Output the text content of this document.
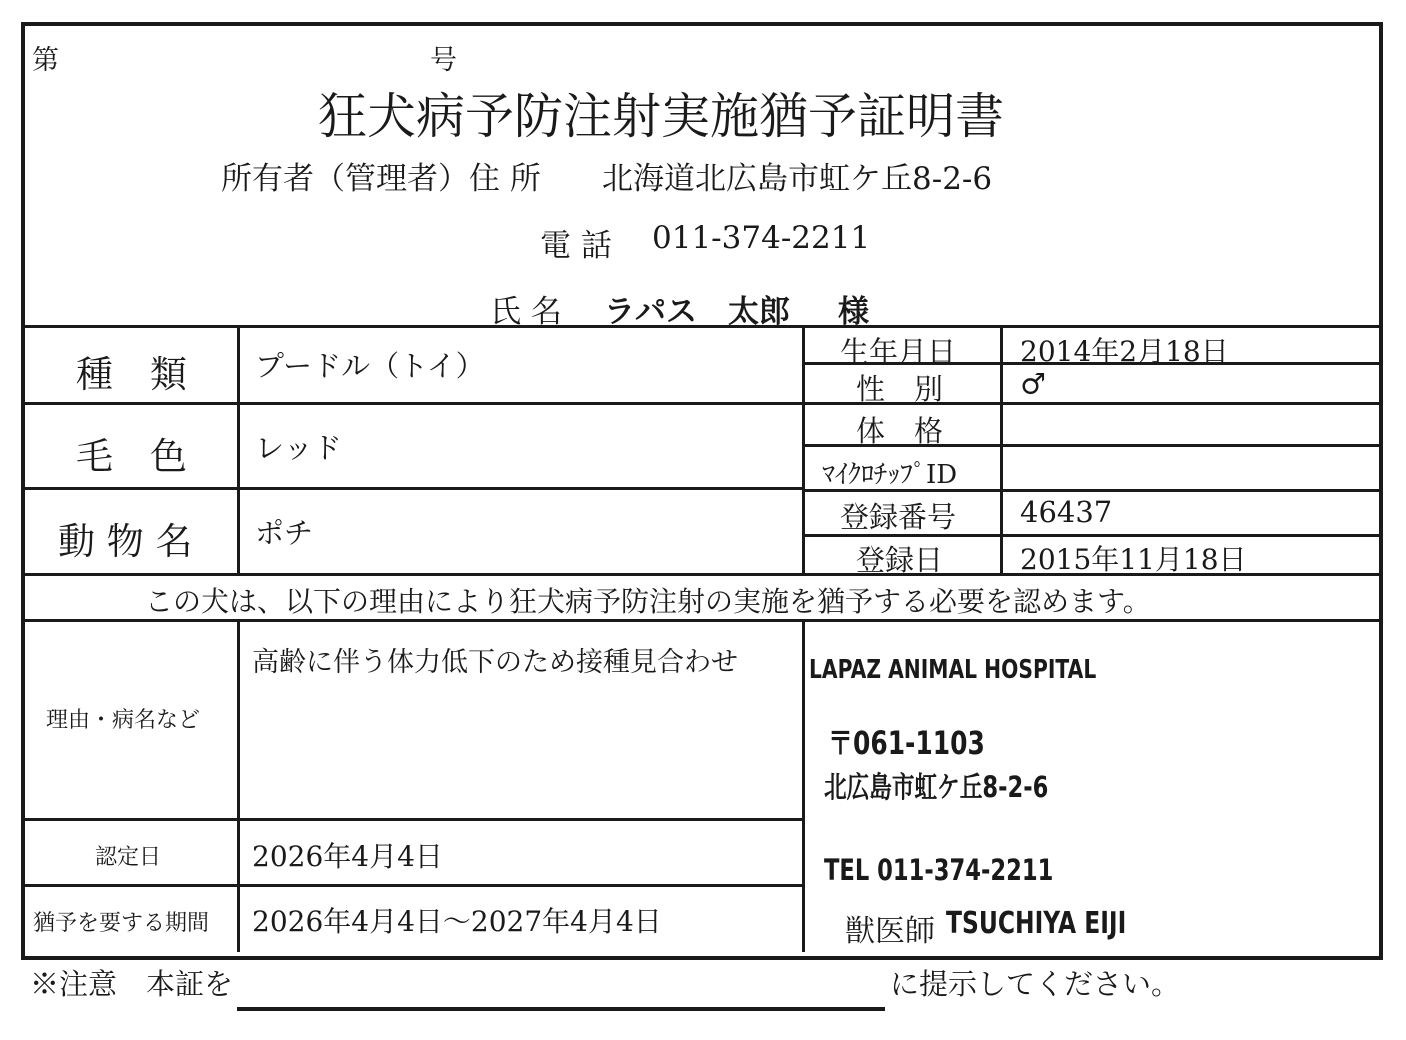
第	号
狂犬病予防注射実施猶予証明書
所有者（管理者）住 所 北海道北広島市虹ケ丘8-2-6
電 話 011-374-2211
氏 名 ラパス　太郎 様
種　類 プードル（トイ）
毛　色 レッド
動 物 名 ポチ
生年月日 2014年2月18日
性　別	♂
体　格
ﾏｲｸﾛﾁｯﾌﾟID
登録番号 46437
登録日	2015年11月18日
この犬は、以下の理由により狂犬病予防注射の実施を猶予する必要を認めます。
理由・病名など
高齢に伴う体力低下のため接種見合わせ
認定日	2026年4月4日
猶予を要する期間 2026年4月4日～2027年4月4日
LAPAZ ANIMAL HOSPITAL
〒061-1103
北広島市虹ケ丘8-2-6
TEL 011-374-2211
獣医師 TSUCHIYA EIJI
※注意　本証を	に提示してください。
